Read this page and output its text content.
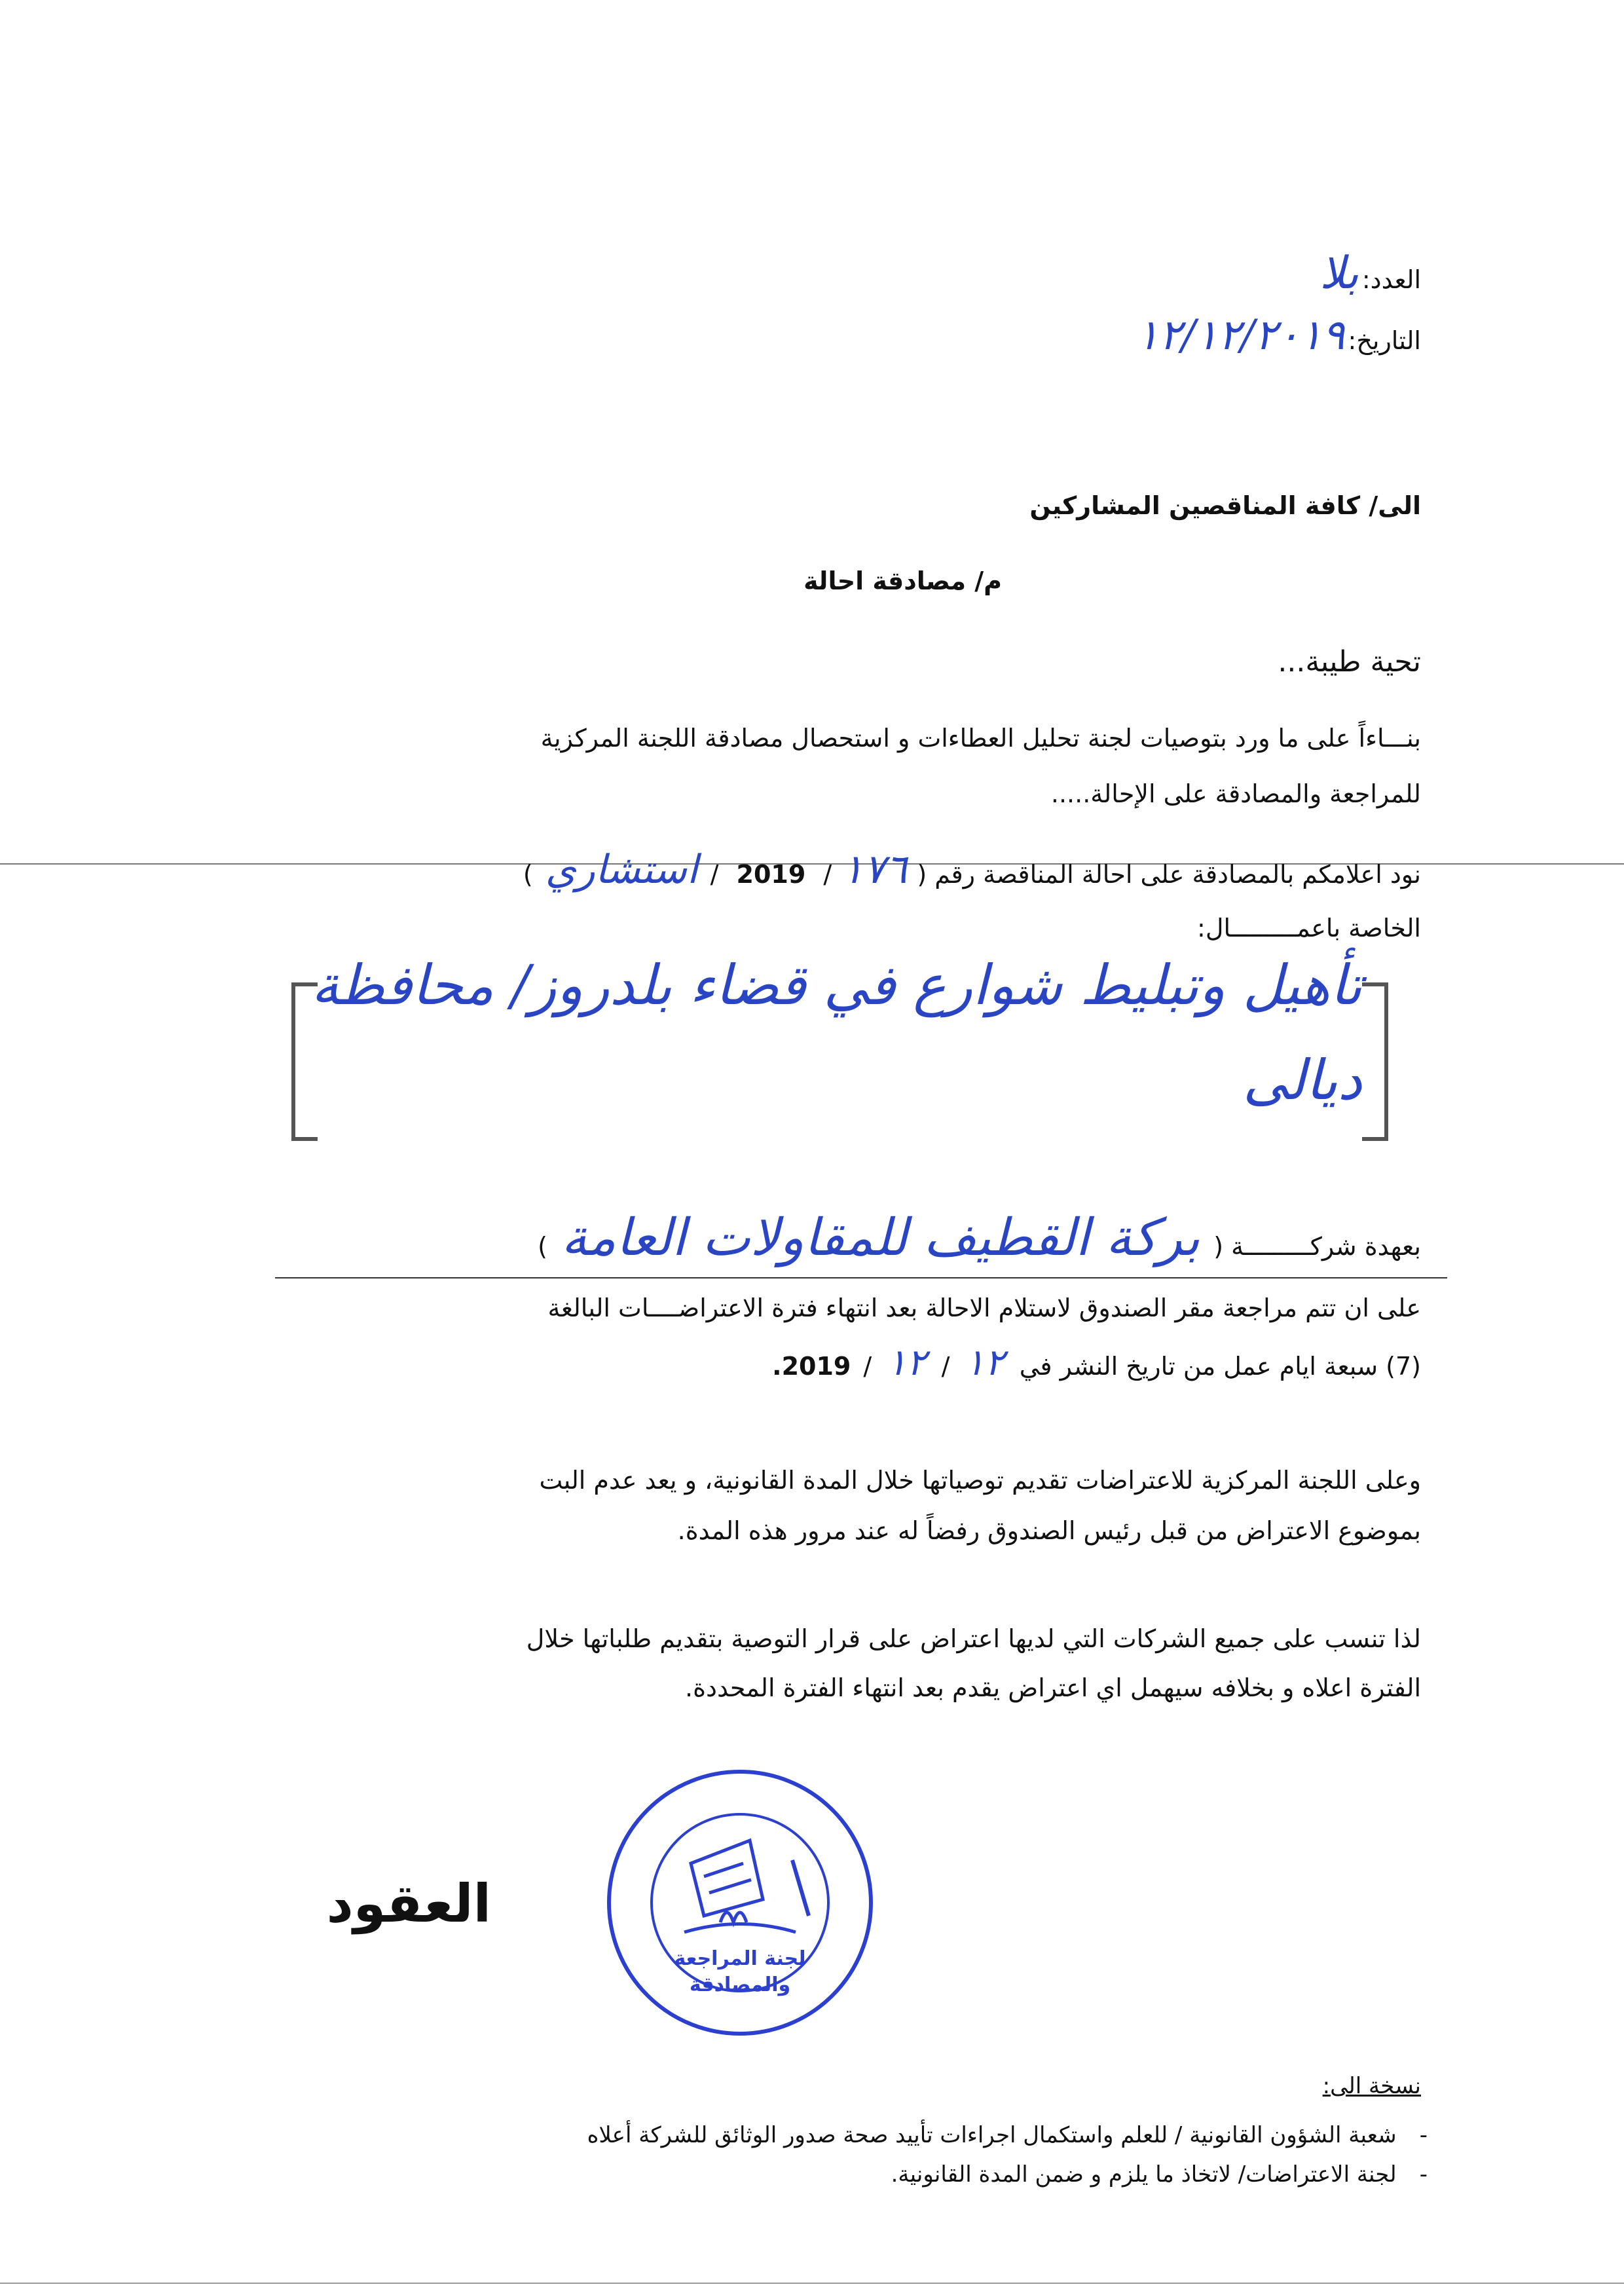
العدد: بلا
التاريخ: ١٢/١٢/٢٠١٩
الى/ كافة المناقصين المشاركين
م/ مصادقة احالة
تحية طيبة...
بنـــاءاً على ما ورد بتوصيات لجنة تحليل العطاءات و استحصال مصادقة اللجنة المركزية
للمراجعة والمصادقة على الإحالة.....
نود اعلامكم بالمصادقة على احالة المناقصة رقم ( ١٧٦ / 2019 / استشاري )
الخاصة باعمـــــــــال:
تأهيل وتبليط شوارع في قضاء بلدروز/ محافظة
ديالى
بعهدة شركـــــــــة ( بركة القطيف للمقاولات العامة )
على ان تتم مراجعة مقر الصندوق لاستلام الاحالة بعد انتهاء فترة الاعتراضــــات البالغة
(7) سبعة ايام عمل من تاريخ النشر في ١٢ / ١٢ / 2019.
وعلى اللجنة المركزية للاعتراضات تقديم توصياتها خلال المدة القانونية، و يعد عدم البت
بموضوع الاعتراض من قبل رئيس الصندوق رفضاً له عند مرور هذه المدة.
لذا تنسب على جميع الشركات التي لديها اعتراض على قرار التوصية بتقديم طلباتها خلال
الفترة اعلاه و بخلافه سيهمل اي اعتراض يقدم بعد انتهاء الفترة المحددة.
لجنة المراجعة
والمصادقة
العقود
نسخة الى:
- شعبة الشؤون القانونية / للعلم واستكمال اجراءات تأييد صحة صدور الوثائق للشركة أعلاه
- لجنة الاعتراضات/ لاتخاذ ما يلزم و ضمن المدة القانونية.
